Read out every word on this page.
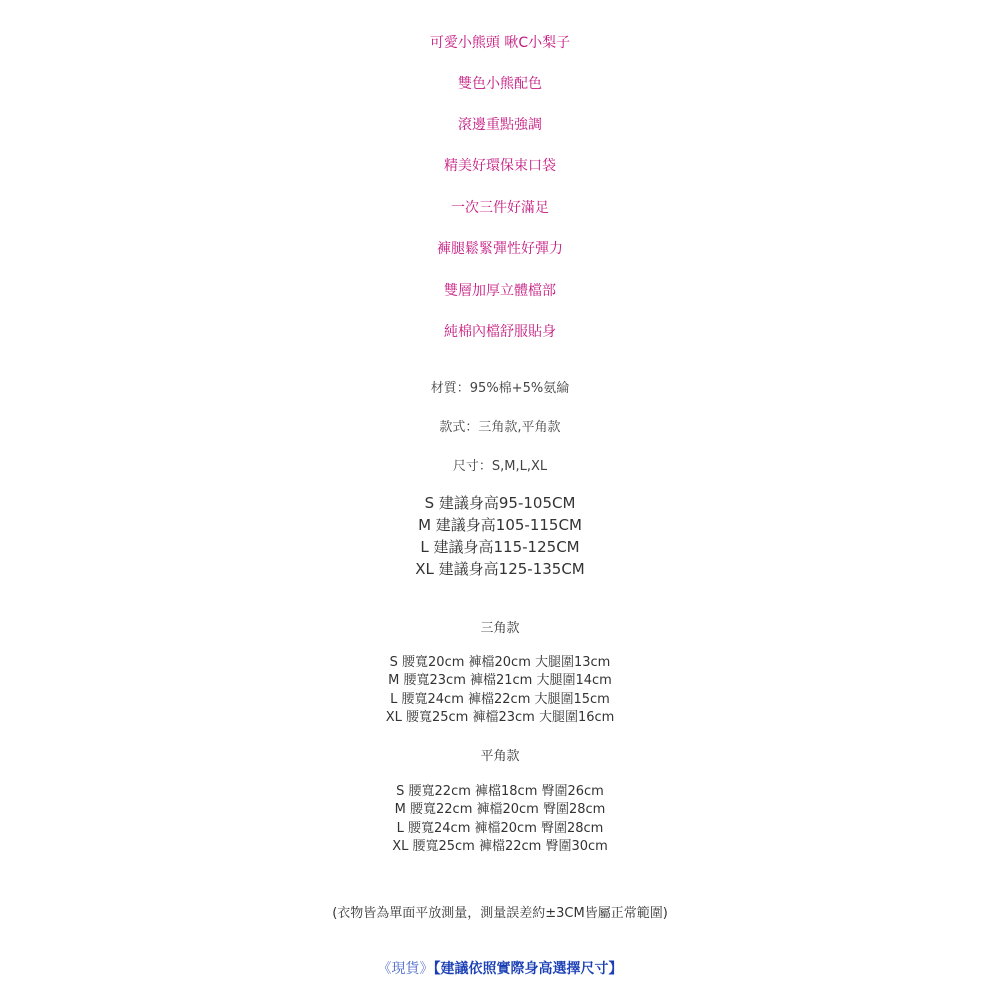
可愛小熊頭 啾C小梨子
雙色小熊配色
滾邊重點強調
精美好環保束口袋
一次三件好滿足
褲腿鬆緊彈性好彈力
雙層加厚立體檔部
純棉內檔舒服貼身
材質：95%棉+5%氨綸
款式：三角款,平角款
尺寸：S,M,L,XL
S 建議身高95-105CM
M 建議身高105-115CM
L 建議身高115-125CM
XL 建議身高125-135CM
三角款
S 腰寬20cm 褲檔20cm 大腿圍13cm
M 腰寬23cm 褲檔21cm 大腿圍14cm
L 腰寬24cm 褲檔22cm 大腿圍15cm
XL 腰寬25cm 褲檔23cm 大腿圍16cm
平角款
S 腰寬22cm 褲檔18cm 臀圍26cm
M 腰寬22cm 褲檔20cm 臀圍28cm
L 腰寬24cm 褲檔20cm 臀圍28cm
XL 腰寬25cm 褲檔22cm 臀圍30cm
(衣物皆為單面平放測量，測量誤差約±3CM皆屬正常範圍)
《現貨》【建議依照實際身高選擇尺寸】
